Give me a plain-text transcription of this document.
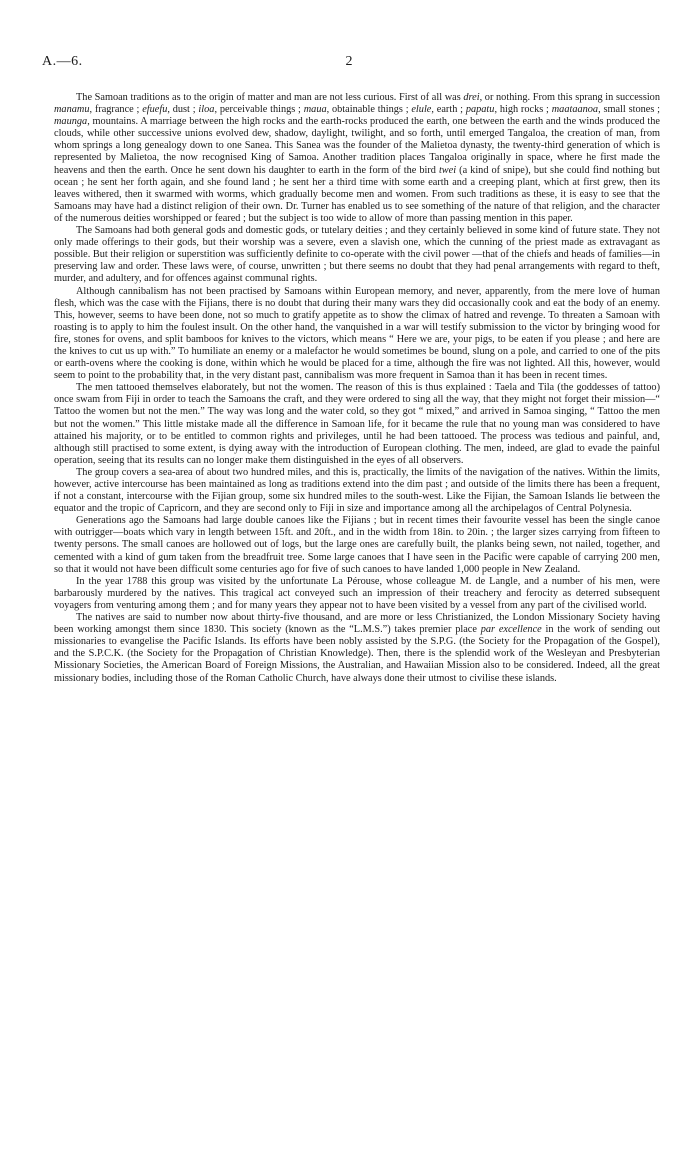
A.—6.	2

The Samoan traditions as to the origin of matter and man are not less curious. First of all was drei, or nothing. From this sprang in succession manamu, fragrance ; efuefu, dust ; iloa, perceivable things ; maua, obtainable things ; elule, earth ; papatu, high rocks ; maataanoa, small stones ; maunga, mountains. A marriage between the high rocks and the earth-rocks produced the earth, one between the earth and the winds produced the clouds, while other successive unions evolved dew, shadow, daylight, twilight, and so forth, until emerged Tangaloa, the creation of man, from whom springs a long genealogy down to one Sanea. This Sanea was the founder of the Malietoa dynasty, the twenty-third generation of which is represented by Malietoa, the now recognised King of Samoa. Another tradition places Tangaloa originally in space, where he first made the heavens and then the earth. Once he sent down his daughter to earth in the form of the bird twei (a kind of snipe), but she could find nothing but ocean ; he sent her forth again, and she found land ; he sent her a third time with some earth and a creeping plant, which at first grew, then its leaves withered, then it swarmed with worms, which gradually become men and women. From such traditions as these, it is easy to see that the Samoans may have had a distinct religion of their own. Dr. Turner has enabled us to see something of the nature of that religion, and the character of the numerous deities worshipped or feared ; but the subject is too wide to allow of more than passing mention in this paper.

The Samoans had both general gods and domestic gods, or tutelary deities ; and they certainly believed in some kind of future state. They not only made offerings to their gods, but their worship was a severe, even a slavish one, which the cunning of the priest made as extravagant as possible. But their religion or superstition was sufficiently definite to co-operate with the civil power —that of the chiefs and heads of families—in preserving law and order. These laws were, of course, unwritten ; but there seems no doubt that they had penal arrangements with regard to theft, murder, and adultery, and for offences against communal rights.

Although cannibalism has not been practised by Samoans within European memory, and never, apparently, from the mere love of human flesh, which was the case with the Fijians, there is no doubt that during their many wars they did occasionally cook and eat the body of an enemy. This, however, seems to have been done, not so much to gratify appetite as to show the climax of hatred and revenge. To threaten a Samoan with roasting is to apply to him the foulest insult. On the other hand, the vanquished in a war will testify submission to the victor by bringing wood for fire, stones for ovens, and split bamboos for knives to the victors, which means “ Here we are, your pigs, to be eaten if you please ; and here are the knives to cut us up with.” To humiliate an enemy or a malefactor he would sometimes be bound, slung on a pole, and carried to one of the pits or earth-ovens where the cooking is done, within which he would be placed for a time, although the fire was not lighted. All this, however, would seem to point to the probability that, in the very distant past, cannibalism was more frequent in Samoa than it has been in recent times.

The men tattooed themselves elaborately, but not the women. The reason of this is thus explained : Taela and Tila (the goddesses of tattoo) once swam from Fiji in order to teach the Samoans the craft, and they were ordered to sing all the way, that they might not forget their mission—“ Tattoo the women but not the men.” The way was long and the water cold, so they got “ mixed,” and arrived in Samoa singing, “ Tattoo the men but not the women.” This little mistake made all the difference in Samoan life, for it became the rule that no young man was considered to have attained his majority, or to be entitled to common rights and privileges, until he had been tattooed. The process was tedious and painful, and, although still practised to some extent, is dying away with the introduction of European clothing. The men, indeed, are glad to evade the painful operation, seeing that its results can no longer make them distinguished in the eyes of all observers.

The group covers a sea-area of about two hundred miles, and this is, practically, the limits of the navigation of the natives. Within the limits, however, active intercourse has been maintained as long as traditions extend into the dim past ; and outside of the limits there has been a frequent, if not a constant, intercourse with the Fijian group, some six hundred miles to the south-west. Like the Fijian, the Samoan Islands lie between the equator and the tropic of Capricorn, and they are second only to Fiji in size and importance among all the archipelagos of Central Polynesia.

Generations ago the Samoans had large double canoes like the Fijians ; but in recent times their favourite vessel has been the single canoe with outrigger—boats which vary in length between 15ft. and 20ft., and in the width from 18in. to 20in. ; the larger sizes carrying from fifteen to twenty persons. The small canoes are hollowed out of logs, but the large ones are carefully built, the planks being sewn, not nailed, together, and cemented with a kind of gum taken from the breadfruit tree. Some large canoes that I have seen in the Pacific were capable of carrying 200 men, so that it would not have been difficult some centuries ago for five of such canoes to have landed 1,000 people in New Zealand.

In the year 1788 this group was visited by the unfortunate La Pérouse, whose colleague M. de Langle, and a number of his men, were barbarously murdered by the natives. This tragical act conveyed such an impression of their treachery and ferocity as deterred subsequent voyagers from venturing among them ; and for many years they appear not to have been visited by a vessel from any part of the civilised world.

The natives are said to number now about thirty-five thousand, and are more or less Christianized, the London Missionary Society having been working amongst them since 1830. This society (known as the “L.M.S.”) takes premier place par excellence in the work of sending out missionaries to evangelise the Pacific Islands. Its efforts have been nobly assisted by the S.P.G. (the Society for the Propagation of the Gospel), and the S.P.C.K. (the Society for the Propagation of Christian Knowledge). Then, there is the splendid work of the Wesleyan and Presbyterian Missionary Societies, the American Board of Foreign Missions, the Australian, and Hawaiian Mission also to be considered. Indeed, all the great missionary bodies, including those of the Roman Catholic Church, have always done their utmost to civilise these islands.
